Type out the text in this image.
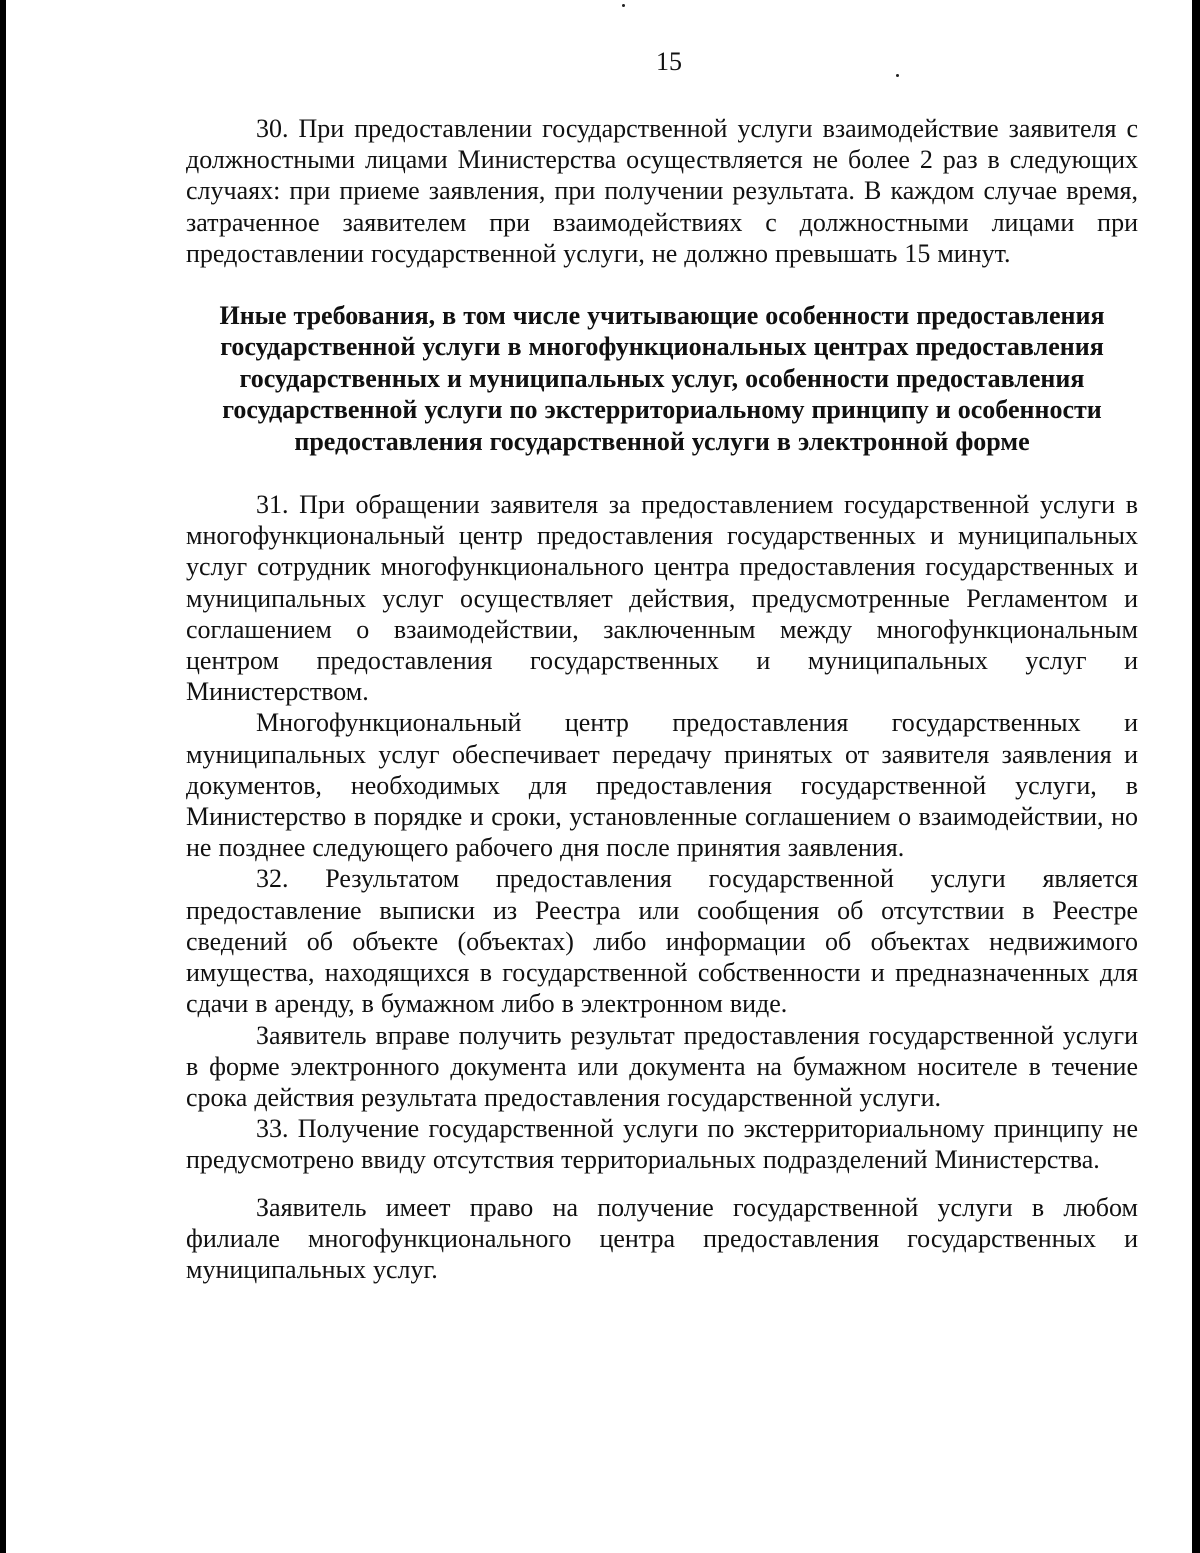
15

30. При предоставлении государственной услуги взаимодействие заявителя с должностными лицами Министерства осуществляется не более 2 раз в следующих случаях: при приеме заявления, при получении результата. В каждом случае время, затраченное заявителем при взаимодействиях с должностными лицами при предоставлении государственной услуги, не должно превышать 15 минут.

Иные требования, в том числе учитывающие особенности предоставления государственной услуги в многофункциональных центрах предоставления государственных и муниципальных услуг, особенности предоставления государственной услуги по экстерриториальному принципу и особенности предоставления государственной услуги в электронной форме

31. При обращении заявителя за предоставлением государственной услуги в многофункциональный центр предоставления государственных и муниципальных услуг сотрудник многофункционального центра предоставления государственных и муниципальных услуг осуществляет действия, предусмотренные Регламентом и соглашением о взаимодействии, заключенным между многофункциональным центром предоставления государственных и муниципальных услуг и Министерством.

Многофункциональный центр предоставления государственных и муниципальных услуг обеспечивает передачу принятых от заявителя заявления и документов, необходимых для предоставления государственной услуги, в Министерство в порядке и сроки, установленные соглашением о взаимодействии, но не позднее следующего рабочего дня после принятия заявления.

32. Результатом предоставления государственной услуги является предоставление выписки из Реестра или сообщения об отсутствии в Реестре сведений об объекте (объектах) либо информации об объектах недвижимого имущества, находящихся в государственной собственности и предназначенных для сдачи в аренду, в бумажном либо в электронном виде.

Заявитель вправе получить результат предоставления государственной услуги в форме электронного документа или документа на бумажном носителе в течение срока действия результата предоставления государственной услуги.

33. Получение государственной услуги по экстерриториальному принципу не предусмотрено ввиду отсутствия территориальных подразделений Министерства.

Заявитель имеет право на получение государственной услуги в любом филиале многофункционального центра предоставления государственных и муниципальных услуг.
